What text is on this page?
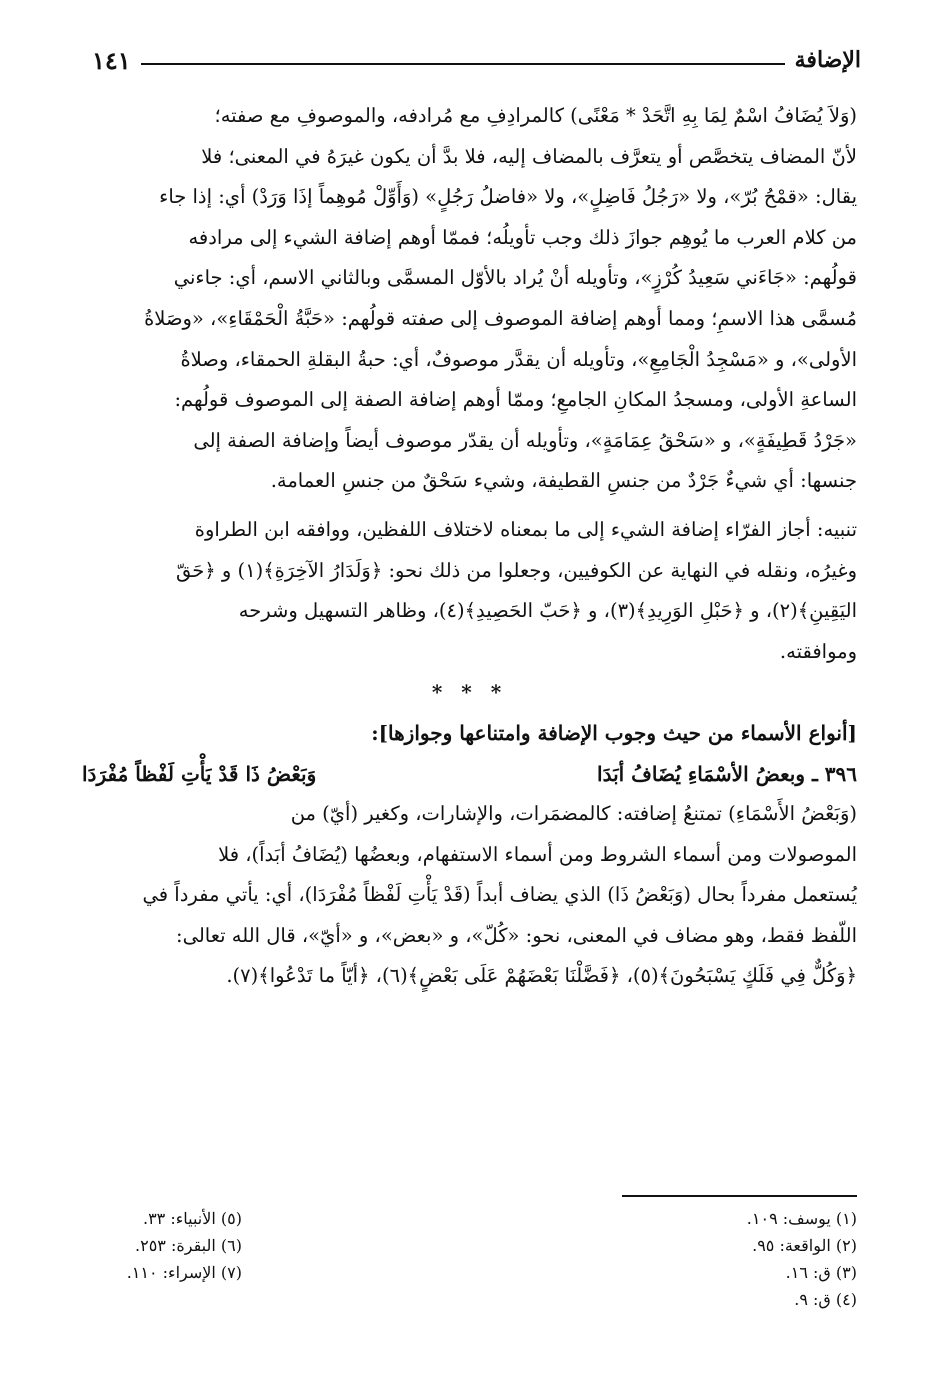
الإضافة
١٤١

(وَلاَ يُضَافُ اسْمٌ لِمَا بِهِ اتَّحَدْ * مَعْنًى) كالمرادِفِ مع مُرادفه، والموصوفِ مع صفته؛

لأنّ المضاف يتخصَّص أو يتعرَّف بالمضاف إليه، فلا بدَّ أن يكون غيرَهُ في المعنى؛ فلا

يقال: «قمْحُ بُرّ»، ولا «رَجُلُ فَاضِلٍ»، ولا «فاضلُ رَجُلٍ» (وَأَوِّلْ مُوهِماً إذَا وَرَدْ) أي: إذا جاء

من كلام العرب ما يُوهِم جوازَ ذلك وجب تأويلُه؛ فممّا أوهم إضافة الشيء إلى مرادفه

قولُهم: «جَاءَني سَعِيدُ كُرْزٍ»، وتأويله أنْ يُراد بالأوّل المسمَّى وبالثاني الاسم، أي: جاءني

مُسمَّى هذا الاسمِ؛ ومما أوهم إضافة الموصوف إلى صفته قولُهم: «حَبَّةُ الْحَمْقَاءِ»، «وصَلاةُ

الأولى»، و «مَسْجِدُ الْجَامِعِ»، وتأويله أن يقدَّر موصوفٌ، أي: حبةُ البقلةِ الحمقاء، وصلاةُ

الساعةِ الأولى، ومسجدُ المكانِ الجامعِ؛ وممّا أوهم إضافة الصفة إلى الموصوف قولُهم:

«جَرْدُ قَطِيفَةٍ»، و «سَحْقُ عِمَامَةٍ»، وتأويله أن يقدّر موصوف أيضاً وإضافة الصفة إلى

جنسها: أي شيءٌ جَرْدٌ من جنسِ القطيفة، وشيء سَحْقٌ من جنسِ العمامة.

تنبيه: أجاز الفرّاء إضافة الشيء إلى ما بمعناه لاختلاف اللفظين، ووافقه ابن الطراوة

وغيرُه، ونقله في النهاية عن الكوفيين، وجعلوا من ذلك نحو: ﴿وَلَدَارُ الآخِرَةِ﴾(١) و ﴿حَقّ

اليَقِينِ﴾(٢)، و ﴿حَبْلِ الوَرِيدِ﴾(٣)، و ﴿حَبّ الحَصِيدِ﴾(٤)، وظاهر التسهيل وشرحه

وموافقته.

* * *

[أنواع الأسماء من حيث وجوب الإضافة وامتناعها وجوازها]:

٣٩٦ ـ وبعضُ الأسْمَاءِ يُضَافُ أبَدَا
وَبَعْضُ ذَا قَدْ يَأْتِ لَفْظاً مُفْرَدَا

(وَبَعْضُ الأَسْمَاءِ) تمتنعُ إضافته: كالمضمَرات، والإشارات، وكغير (أيّ) من

الموصولات ومن أسماء الشروط ومن أسماء الاستفهام، وبعضُها (يُضَافُ أبَداً)، فلا

يُستعمل مفرداً بحال (وَبَعْضُ ذَا) الذي يضاف أبداً (قَدْ يَأْتِ لَفْظاً مُفْرَدَا)، أي: يأتي مفرداً في

اللّفظ فقط، وهو مضاف في المعنى، نحو: «كُلّ»، و «بعض»، و «أيّ»، قال الله تعالى:

﴿وَكُلٌّ فِي فَلَكٍ يَسْبَحُونَ﴾(٥)، ﴿فَضَّلْنَا بَعْضَهُمْ عَلَى بَعْضٍ﴾(٦)، ﴿أيّاً ما تَدْعُوا﴾(٧).

(١) يوسف: ١٠٩.
(٢) الواقعة: ٩٥.
(٣) ق: ١٦.
(٤) ق: ٩.
(٥) الأنبياء: ٣٣.
(٦) البقرة: ٢٥٣.
(٧) الإسراء: ١١٠.
